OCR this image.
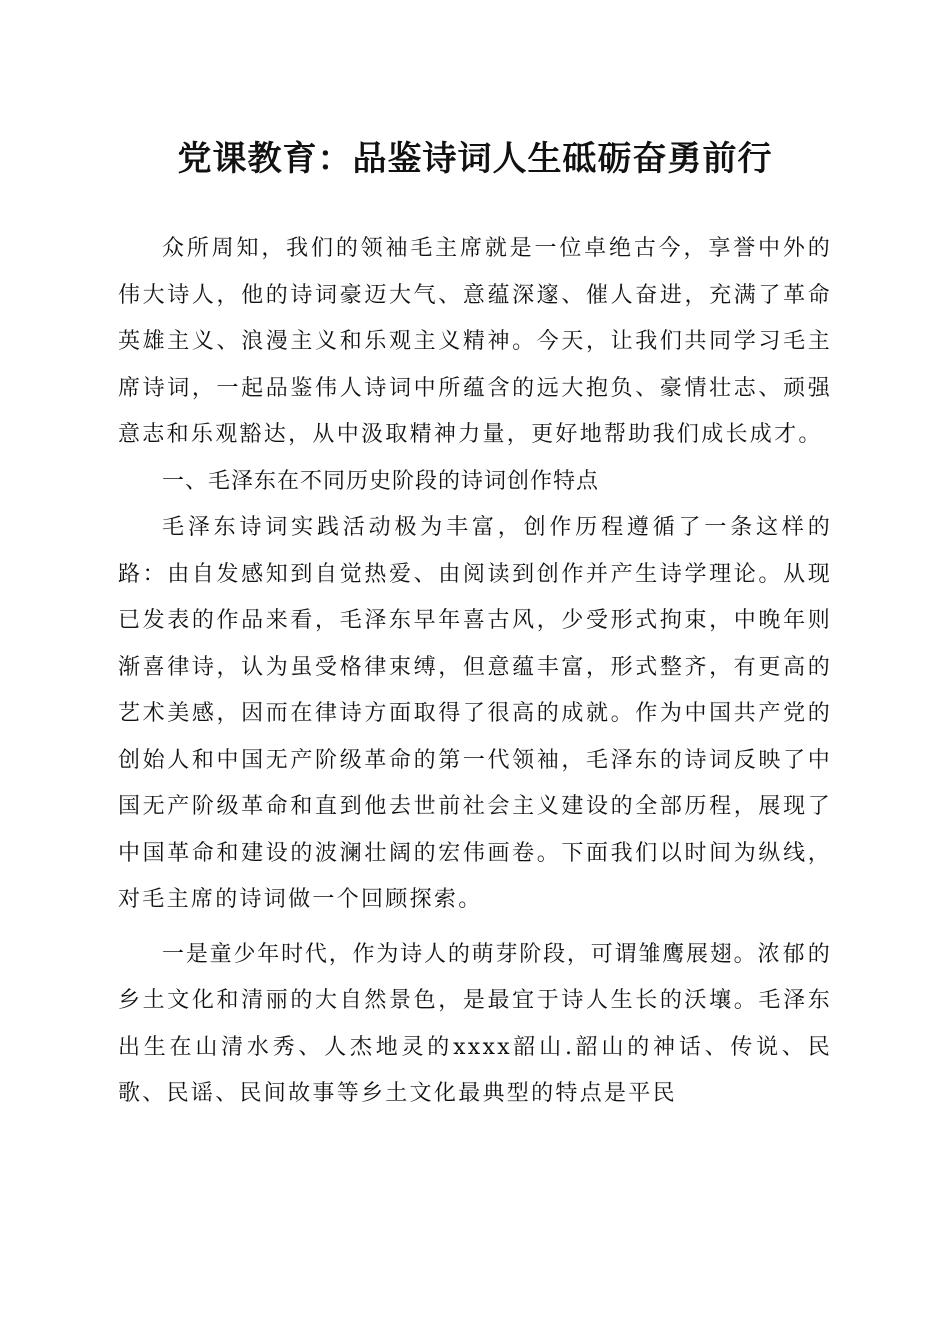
党课教育：品鉴诗词人生砥砺奋勇前行

众所周知，我们的领袖毛主席就是一位卓绝古今，享誉中外的伟大诗人，他的诗词豪迈大气、意蕴深邃、催人奋进，充满了革命英雄主义、浪漫主义和乐观主义精神。今天，让我们共同学习毛主席诗词，一起品鉴伟人诗词中所蕴含的远大抱负、豪情壮志、顽强意志和乐观豁达，从中汲取精神力量，更好地帮助我们成长成才。

一、毛泽东在不同历史阶段的诗词创作特点

毛泽东诗词实践活动极为丰富，创作历程遵循了一条这样的路：由自发感知到自觉热爱、由阅读到创作并产生诗学理论。从现已发表的作品来看，毛泽东早年喜古风，少受形式拘束，中晚年则渐喜律诗，认为虽受格律束缚，但意蕴丰富，形式整齐，有更高的艺术美感，因而在律诗方面取得了很高的成就。作为中国共产党的创始人和中国无产阶级革命的第一代领袖，毛泽东的诗词反映了中国无产阶级革命和直到他去世前社会主义建设的全部历程，展现了中国革命和建设的波澜壮阔的宏伟画卷。下面我们以时间为纵线，对毛主席的诗词做一个回顾探索。

一是童少年时代，作为诗人的萌芽阶段，可谓雏鹰展翅。浓郁的乡土文化和清丽的大自然景色，是最宜于诗人生长的沃壤。毛泽东出生在山清水秀、人杰地灵的xxxx韶山.韶山的神话、传说、民歌、民谣、民间故事等乡土文化最典型的特点是平民
